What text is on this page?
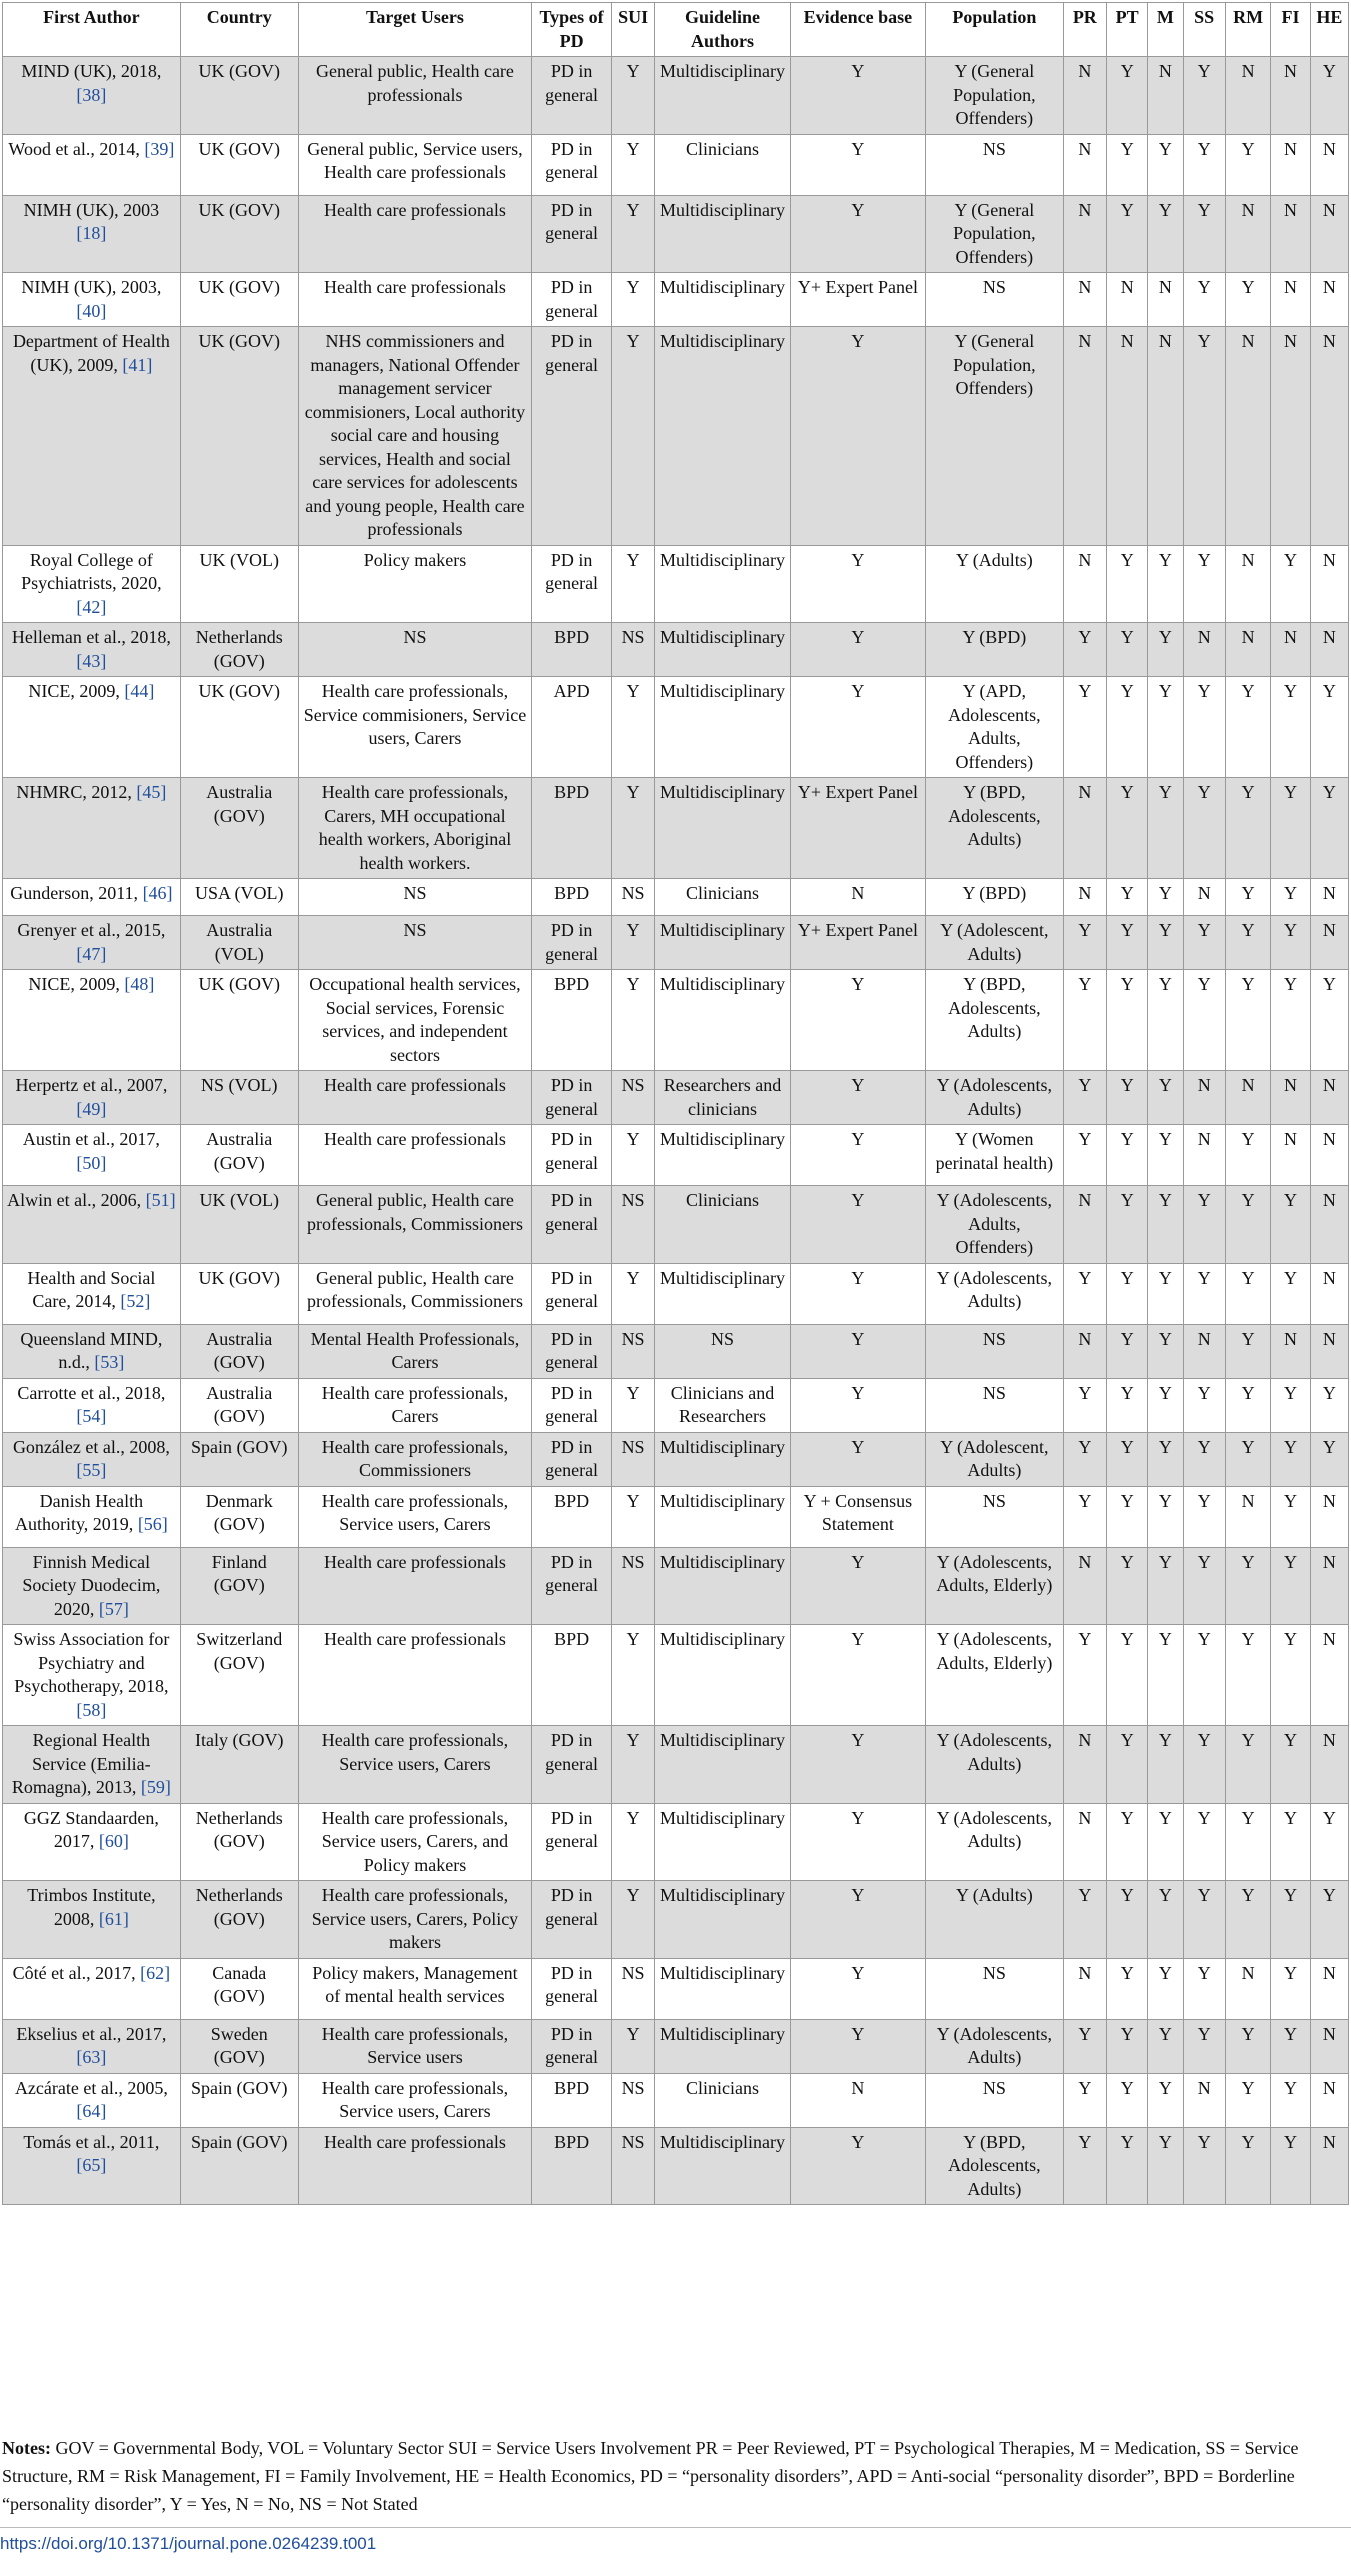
First Author	Country	Target Users	Types of PD	SUI	Guideline Authors	Evidence base	Population	PR	PT	M	SS	RM	FI	HE
MIND (UK), 2018, [38]	UK (GOV)	General public, Health care professionals	PD in general	Y	Multidisciplinary	Y	Y (General Population, Offenders)	N	Y	N	Y	N	N	Y
Wood et al., 2014, [39]	UK (GOV)	General public, Service users, Health care professionals	PD in general	Y	Clinicians	Y	NS	N	Y	Y	Y	Y	N	N
NIMH (UK), 2003 [18]	UK (GOV)	Health care professionals	PD in general	Y	Multidisciplinary	Y	Y (General Population, Offenders)	N	Y	Y	Y	N	N	N
NIMH (UK), 2003, [40]	UK (GOV)	Health care professionals	PD in general	Y	Multidisciplinary	Y+ Expert Panel	NS	N	N	N	Y	Y	N	N
Department of Health (UK), 2009, [41]	UK (GOV)	NHS commissioners and managers, National Offender management servicer commisioners, Local authority social care and housing services, Health and social care services for adolescents and young people, Health care professionals	PD in general	Y	Multidisciplinary	Y	Y (General Population, Offenders)	N	N	N	Y	N	N	N
Royal College of Psychiatrists, 2020, [42]	UK (VOL)	Policy makers	PD in general	Y	Multidisciplinary	Y	Y (Adults)	N	Y	Y	Y	N	Y	N
Helleman et al., 2018, [43]	Netherlands (GOV)	NS	BPD	NS	Multidisciplinary	Y	Y (BPD)	Y	Y	Y	N	N	N	N
NICE, 2009, [44]	UK (GOV)	Health care professionals, Service commisioners, Service users, Carers	APD	Y	Multidisciplinary	Y	Y (APD, Adolescents, Adults, Offenders)	Y	Y	Y	Y	Y	Y	Y
NHMRC, 2012, [45]	Australia (GOV)	Health care professionals, Carers, MH occupational health workers, Aboriginal health workers.	BPD	Y	Multidisciplinary	Y+ Expert Panel	Y (BPD, Adolescents, Adults)	N	Y	Y	Y	Y	Y	Y
Gunderson, 2011, [46]	USA (VOL)	NS	BPD	NS	Clinicians	N	Y (BPD)	N	Y	Y	N	Y	Y	N
Grenyer et al., 2015, [47]	Australia (VOL)	NS	PD in general	Y	Multidisciplinary	Y+ Expert Panel	Y (Adolescent, Adults)	Y	Y	Y	Y	Y	Y	N
NICE, 2009, [48]	UK (GOV)	Occupational health services, Social services, Forensic services, and independent sectors	BPD	Y	Multidisciplinary	Y	Y (BPD, Adolescents, Adults)	Y	Y	Y	Y	Y	Y	Y
Herpertz et al., 2007, [49]	NS (VOL)	Health care professionals	PD in general	NS	Researchers and clinicians	Y	Y (Adolescents, Adults)	Y	Y	Y	N	N	N	N
Austin et al., 2017, [50]	Australia (GOV)	Health care professionals	PD in general	Y	Multidisciplinary	Y	Y (Women perinatal health)	Y	Y	Y	N	Y	N	N
Alwin et al., 2006, [51]	UK (VOL)	General public, Health care professionals, Commissioners	PD in general	NS	Clinicians	Y	Y (Adolescents, Adults, Offenders)	N	Y	Y	Y	Y	Y	N
Health and Social Care, 2014, [52]	UK (GOV)	General public, Health care professionals, Commissioners	PD in general	Y	Multidisciplinary	Y	Y (Adolescents, Adults)	Y	Y	Y	Y	Y	Y	N
Queensland MIND, n.d., [53]	Australia (GOV)	Mental Health Professionals, Carers	PD in general	NS	NS	Y	NS	N	Y	Y	N	Y	N	N
Carrotte et al., 2018, [54]	Australia (GOV)	Health care professionals, Carers	PD in general	Y	Clinicians and Researchers	Y	NS	Y	Y	Y	Y	Y	Y	Y
González et al., 2008, [55]	Spain (GOV)	Health care professionals, Commissioners	PD in general	NS	Multidisciplinary	Y	Y (Adolescent, Adults)	Y	Y	Y	Y	Y	Y	Y
Danish Health Authority, 2019, [56]	Denmark (GOV)	Health care professionals, Service users, Carers	BPD	Y	Multidisciplinary	Y + Consensus Statement	NS	Y	Y	Y	Y	N	Y	N
Finnish Medical Society Duodecim, 2020, [57]	Finland (GOV)	Health care professionals	PD in general	NS	Multidisciplinary	Y	Y (Adolescents, Adults, Elderly)	N	Y	Y	Y	Y	Y	N
Swiss Association for Psychiatry and Psychotherapy, 2018, [58]	Switzerland (GOV)	Health care professionals	BPD	Y	Multidisciplinary	Y	Y (Adolescents, Adults, Elderly)	Y	Y	Y	Y	Y	Y	N
Regional Health Service (Emilia-Romagna), 2013, [59]	Italy (GOV)	Health care professionals, Service users, Carers	PD in general	Y	Multidisciplinary	Y	Y (Adolescents, Adults)	N	Y	Y	Y	Y	Y	N
GGZ Standaarden, 2017, [60]	Netherlands (GOV)	Health care professionals, Service users, Carers, and Policy makers	PD in general	Y	Multidisciplinary	Y	Y (Adolescents, Adults)	N	Y	Y	Y	Y	Y	Y
Trimbos Institute, 2008, [61]	Netherlands (GOV)	Health care professionals, Service users, Carers, Policy makers	PD in general	Y	Multidisciplinary	Y	Y (Adults)	Y	Y	Y	Y	Y	Y	Y
Côté et al., 2017, [62]	Canada (GOV)	Policy makers, Management of mental health services	PD in general	NS	Multidisciplinary	Y	NS	N	Y	Y	Y	N	Y	N
Ekselius et al., 2017, [63]	Sweden (GOV)	Health care professionals, Service users	PD in general	Y	Multidisciplinary	Y	Y (Adolescents, Adults)	Y	Y	Y	Y	Y	Y	N
Azcárate et al., 2005, [64]	Spain (GOV)	Health care professionals, Service users, Carers	BPD	NS	Clinicians	N	NS	Y	Y	Y	N	Y	Y	N
Tomás et al., 2011, [65]	Spain (GOV)	Health care professionals	BPD	NS	Multidisciplinary	Y	Y (BPD, Adolescents, Adults)	Y	Y	Y	Y	Y	Y	N
Notes: GOV = Governmental Body, VOL = Voluntary Sector SUI = Service Users Involvement PR = Peer Reviewed, PT = Psychological Therapies, M = Medication, SS = Service Structure, RM = Risk Management, FI = Family Involvement, HE = Health Economics, PD = “personality disorders”, APD = Anti-social “personality disorder”, BPD = Borderline “personality disorder”, Y = Yes, N = No, NS = Not Stated
https://doi.org/10.1371/journal.pone.0264239.t001
